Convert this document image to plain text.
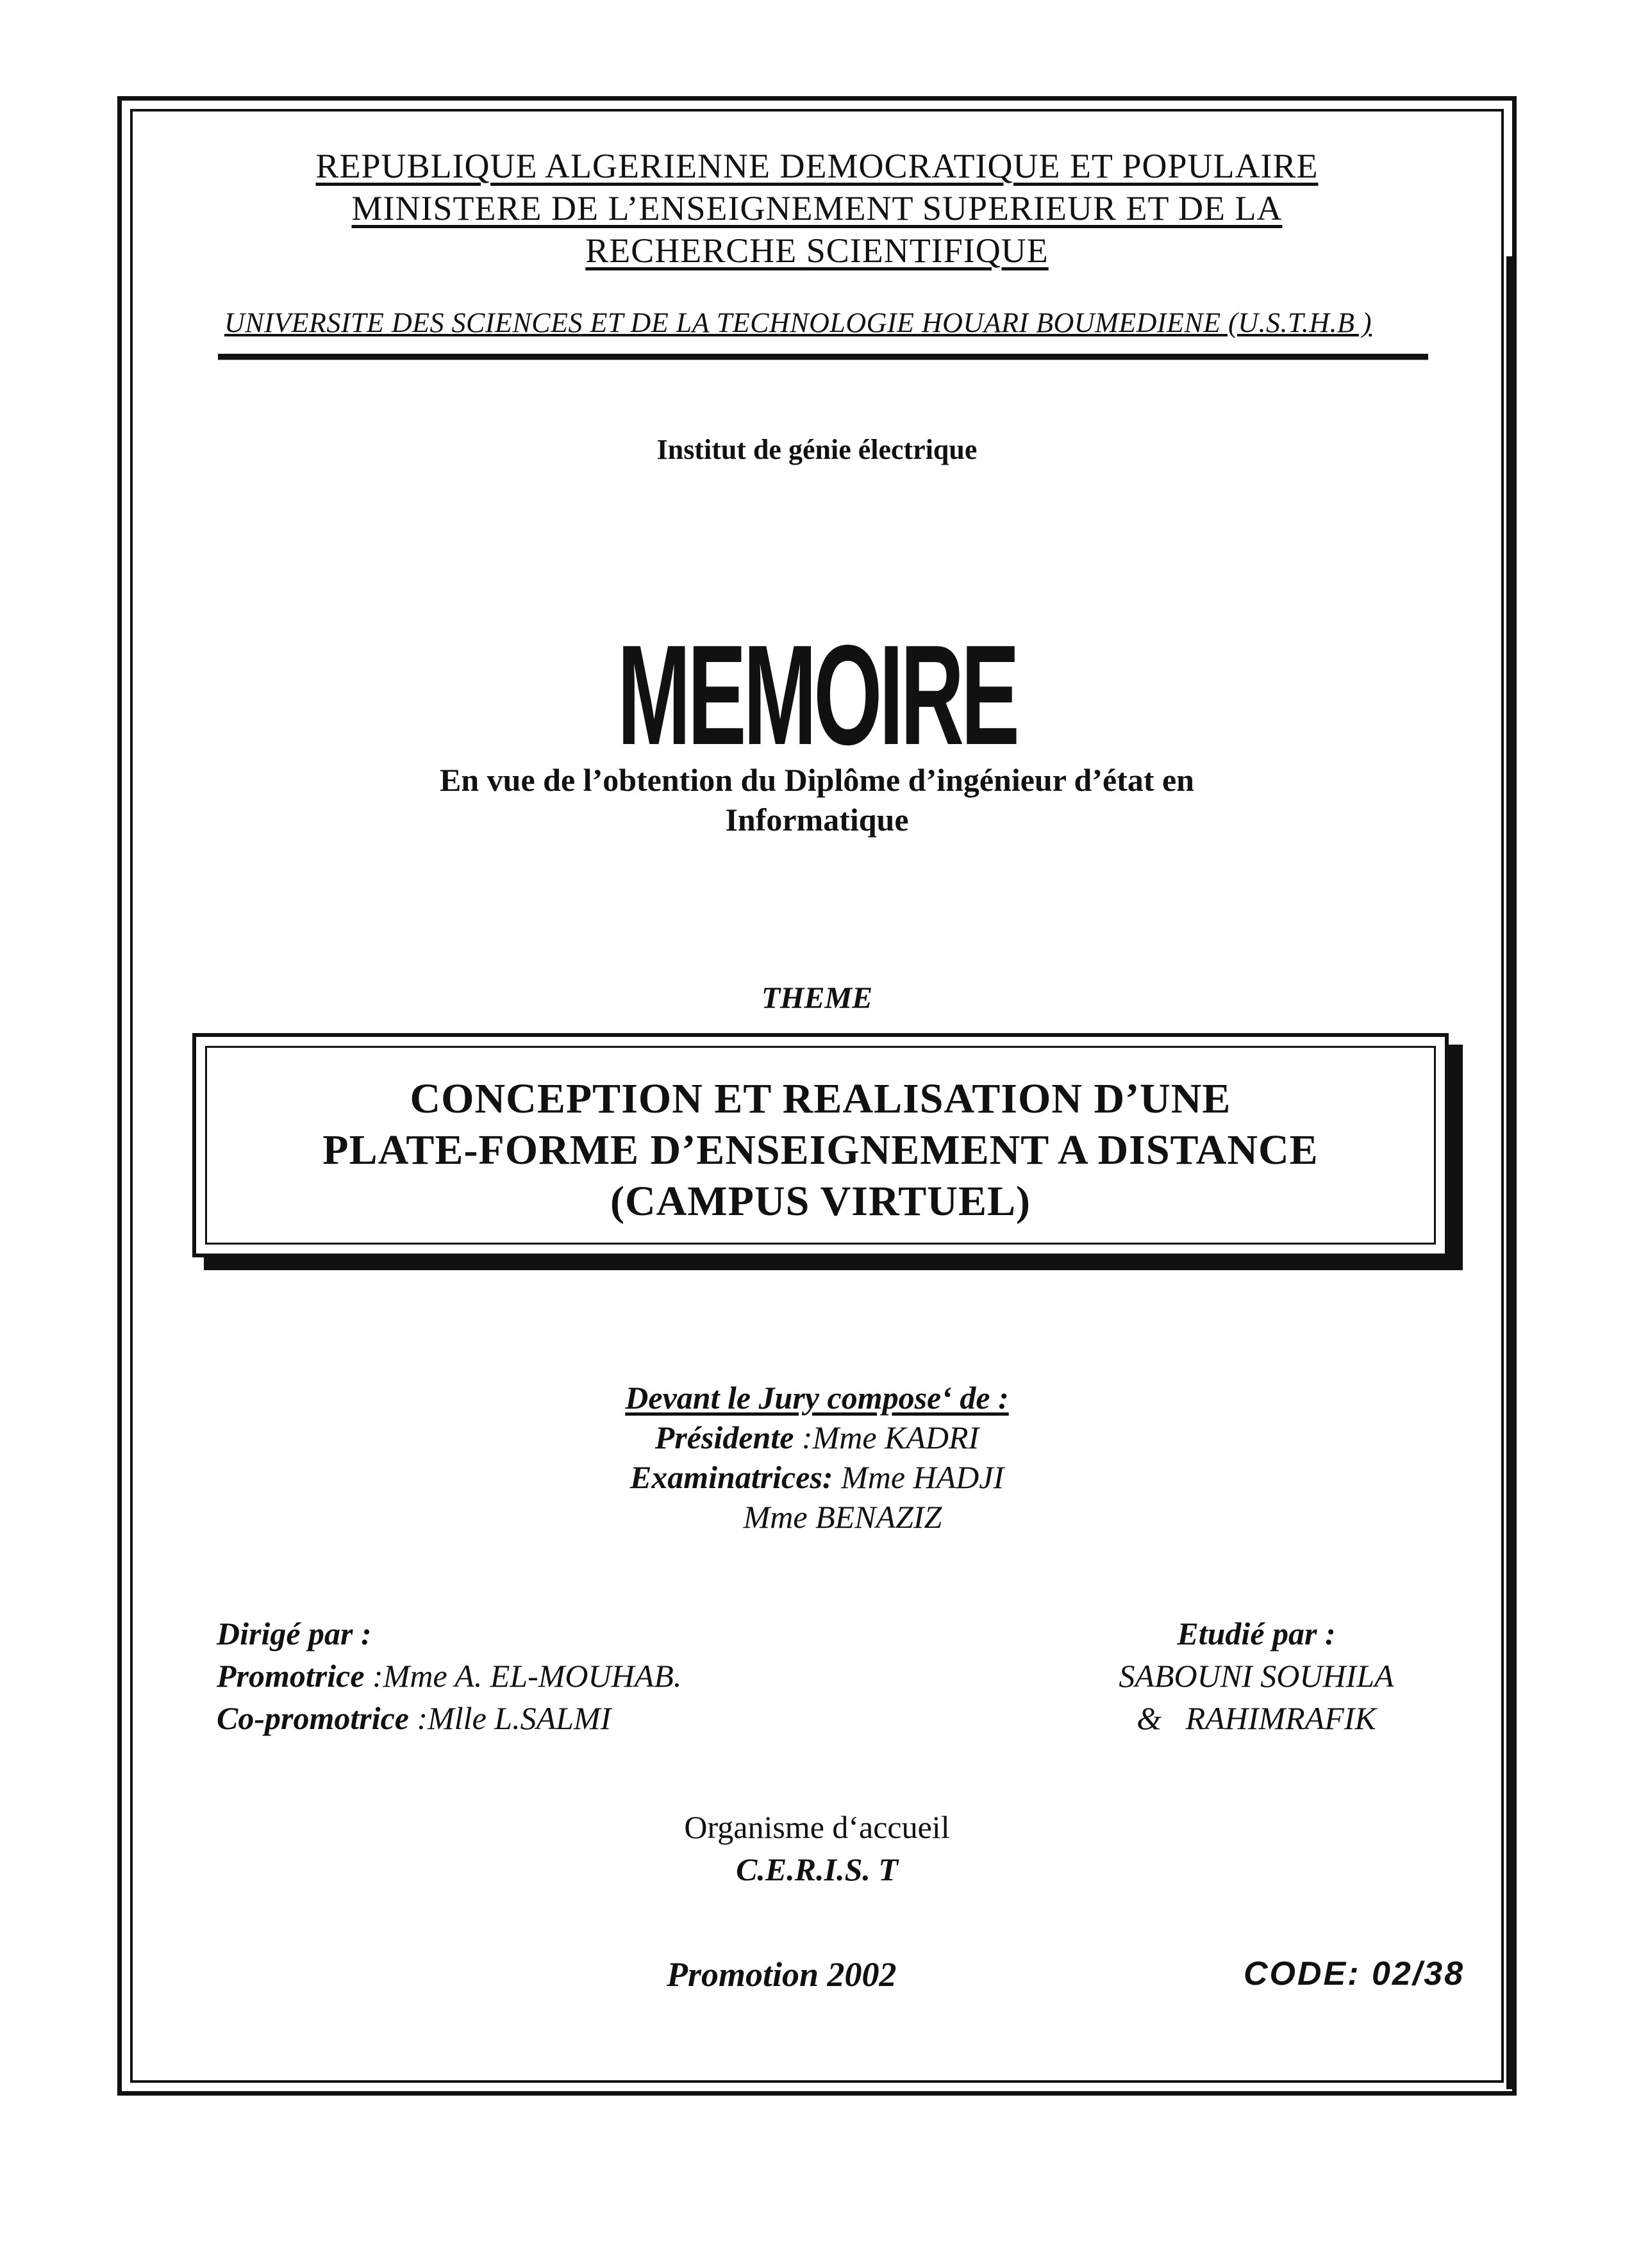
REPUBLIQUE ALGERIENNE DEMOCRATIQUE ET POPULAIRE
MINISTERE DE L’ENSEIGNEMENT SUPERIEUR ET DE LA
RECHERCHE SCIENTIFIQUE
UNIVERSITE DES SCIENCES ET DE LA TECHNOLOGIE HOUARI BOUMEDIENE (U.S.T.H.B )
Institut de génie électrique
MEMOIRE
En vue de l’obtention du Diplôme d’ingénieur d’état en
Informatique
THEME
CONCEPTION ET REALISATION D’UNE
PLATE-FORME D’ENSEIGNEMENT A DISTANCE
(CAMPUS VIRTUEL)
Devant le Jury compose‘ de :
Présidente :Mme KADRI
Examinatrices: Mme HADJI
Mme BENAZIZ
Dirigé par :
Promotrice :Mme A. EL-MOUHAB.
Co-promotrice :Mlle L.SALMI
Etudié par :
SABOUNI SOUHILA
&   RAHIMRAFIK
Organisme d‘accueil
C.E.R.I.S. T
Promotion 2002	CODE: 02/38
